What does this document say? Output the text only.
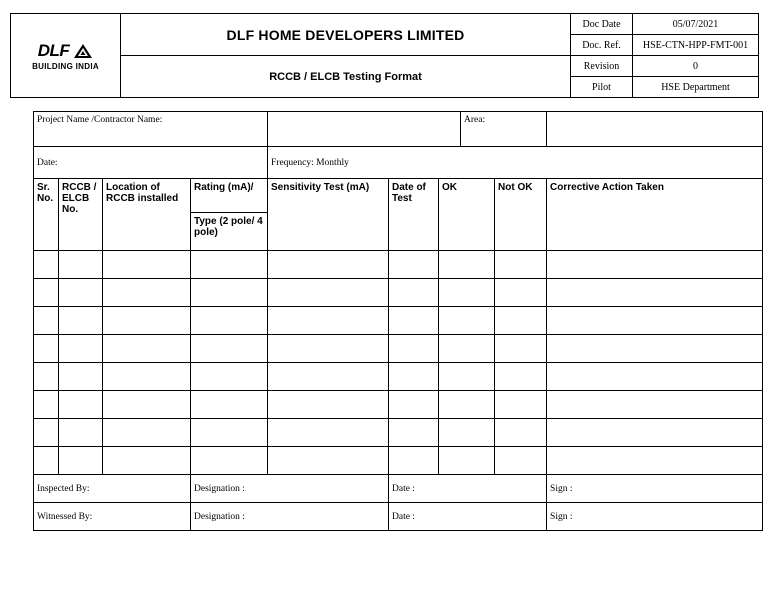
DLF
BUILDING INDIA	DLF HOME DEVELOPERS LIMITED	Doc Date	05/07/2021
		Doc. Ref.	HSE-CTN-HPP-FMT-001
	RCCB / ELCB Testing Format	Revision	0
		Pilot	HSE Department
Project Name /Contractor Name:							Area:		
Date:				Frequency: Monthly					
Sr. No.	RCCB / ELCB No.	Location of RCCB installed	Rating (mA)/	Sensitivity Test (mA)	Date of Test	OK		Not OK	Corrective Action Taken
			Type (2 pole/ 4 pole)						

Inspected By:			Designation :		Date :				Sign :
Witnessed By:			Designation :		Date :				Sign :
